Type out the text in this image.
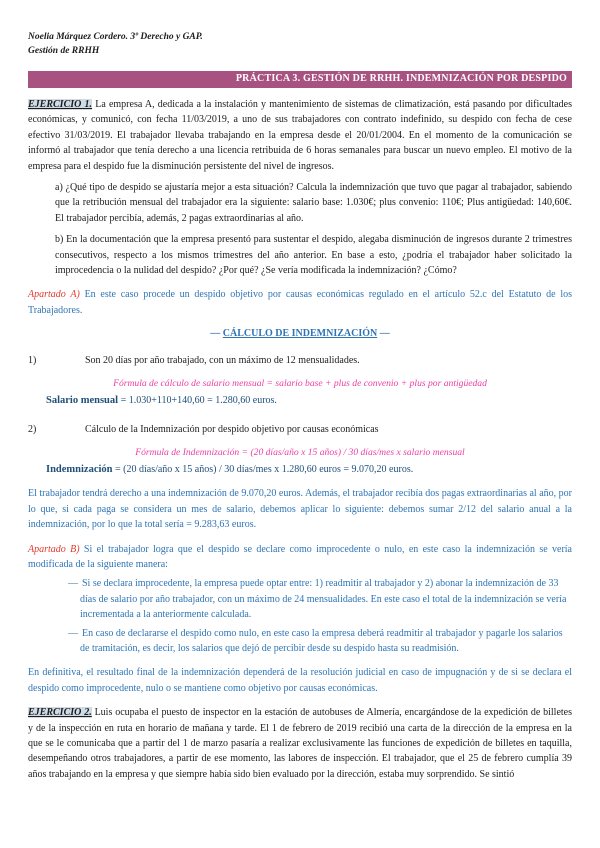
Noelia Márquez Cordero. 3º Derecho y GAP.
Gestión de RRHH
PRÁCTICA 3. GESTIÓN DE RRHH. INDEMNIZACIÓN POR DESPIDO

EJERCICIO 1. La empresa A, dedicada a la instalación y mantenimiento de sistemas de climatización, está pasando por dificultades económicas, y comunicó, con fecha 11/03/2019, a uno de sus trabajadores con contrato indefinido, su despido con fecha de cese efectivo 31/03/2019. El trabajador llevaba trabajando en la empresa desde el 20/01/2004. En el momento de la comunicación se informó al trabajador que tenía derecho a una licencia retribuida de 6 horas semanales para buscar un nuevo empleo. El motivo de la empresa para el despido fue la disminución persistente del nivel de ingresos.

a) ¿Qué tipo de despido se ajustaría mejor a esta situación? Calcula la indemnización que tuvo que pagar al trabajador, sabiendo que la retribución mensual del trabajador era la siguiente: salario base: 1.030€; plus convenio: 110€; Plus antigüedad: 140,60€. El trabajador percibía, además, 2 pagas extraordinarias al año.

b) En la documentación que la empresa presentó para sustentar el despido, alegaba disminución de ingresos durante 2 trimestres consecutivos, respecto a los mismos trimestres del año anterior. En base a esto, ¿podría el trabajador haber solicitado la improcedencia o la nulidad del despido? ¿Por qué? ¿Se vería modificada la indemnización? ¿Cómo?

Apartado A) En este caso procede un despido objetivo por causas económicas regulado en el artículo 52.c del Estatuto de los Trabajadores.

— CÁLCULO DE INDEMNIZACIÓN —

1)	Son 20 días por año trabajado, con un máximo de 12 mensualidades.

Fórmula de cálculo de salario mensual = salario base + plus de convenio + plus por antigüedad

Salario mensual = 1.030+110+140,60 = 1.280,60 euros.

2)	Cálculo de la Indemnización por despido objetivo por causas económicas

Fórmula de Indemnización = (20 días/año x 15 años) / 30 días/mes x salario mensual

Indemnización = (20 días/año x 15 años) / 30 días/mes x 1.280,60 euros = 9.070,20 euros.

El trabajador tendrá derecho a una indemnización de 9.070,20 euros. Además, el trabajador recibía dos pagas extraordinarias al año, por lo que, si cada paga se considera un mes de salario, debemos aplicar lo siguiente: debemos sumar 2/12 del salario anual a la indemnización, por lo que la total sería = 9.283,63 euros.

Apartado B) Si el trabajador logra que el despido se declare como improcedente o nulo, en este caso la indemnización se vería modificada de la siguiente manera:

— Si se declara improcedente, la empresa puede optar entre: 1) readmitir al trabajador y 2) abonar la indemnización de 33 días de salario por año trabajador, con un máximo de 24 mensualidades. En este caso el total de la indemnización se vería incrementada a la anteriormente calculada.

— En caso de declararse el despido como nulo, en este caso la empresa deberá readmitir al trabajador y pagarle los salarios de tramitación, es decir, los salarios que dejó de percibir desde su despido hasta su readmisión.

En definitiva, el resultado final de la indemnización dependerá de la resolución judicial en caso de impugnación y de si se declara el despido como improcedente, nulo o se mantiene como objetivo por causas económicas.

EJERCICIO 2. Luis ocupaba el puesto de inspector en la estación de autobuses de Almería, encargándose de la expedición de billetes y de la inspección en ruta en horario de mañana y tarde. El 1 de febrero de 2019 recibió una carta de la dirección de la empresa en la que se le comunicaba que a partir del 1 de marzo pasaría a realizar exclusivamente las funciones de expedición de billetes en taquilla, desempeñando otros trabajadores, a partir de ese momento, las labores de inspección. El trabajador, que el 25 de febrero cumplía 39 años trabajando en la empresa y que siempre había sido bien evaluado por la dirección, estaba muy sorprendido. Se sintió
